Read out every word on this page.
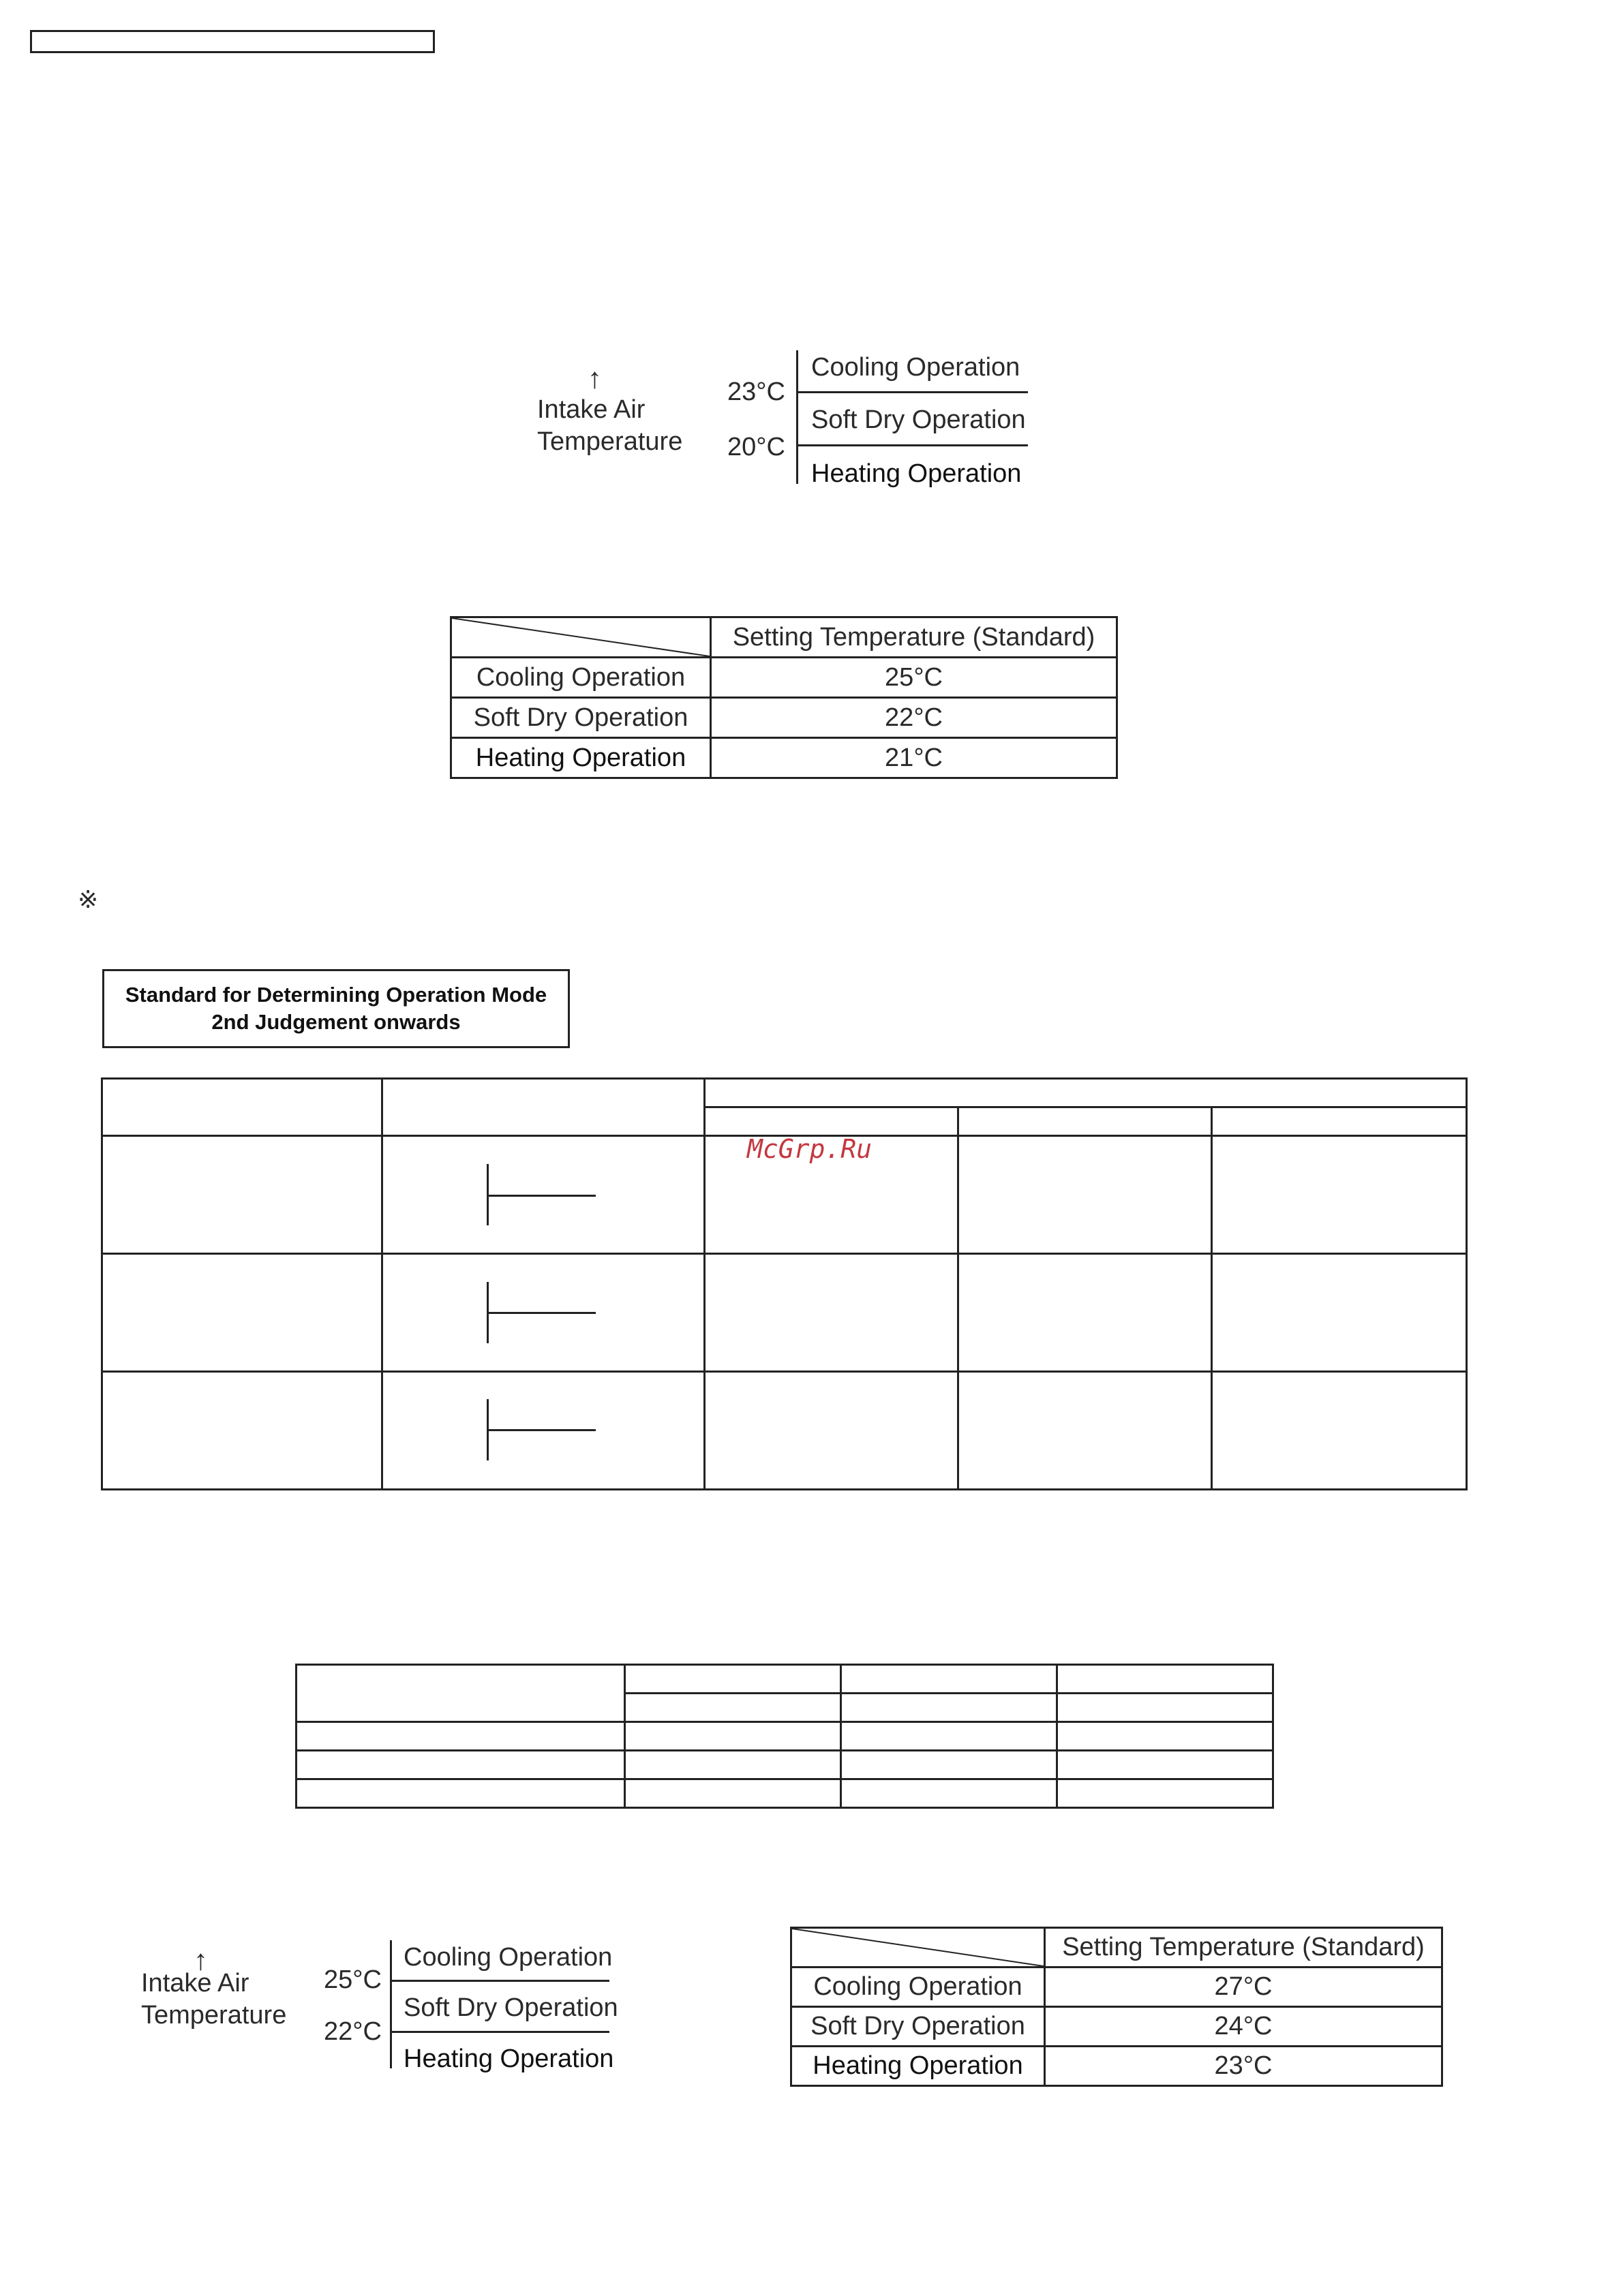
↑
Intake Air
Temperature
23°C
20°C
Cooling Operation
Soft Dry Operation
Heating Operation
	Setting Temperature (Standard)
Cooling Operation	25°C
Soft Dry Operation	22°C
Heating Operation	21°C
※
Standard for Determining Operation Mode
2nd Judgement onwards

McGrp.Ru

↑
Intake Air
Temperature
25°C
22°C
Cooling Operation
Soft Dry Operation
Heating Operation
	Setting Temperature (Standard)
Cooling Operation	27°C
Soft Dry Operation	24°C
Heating Operation	23°C
